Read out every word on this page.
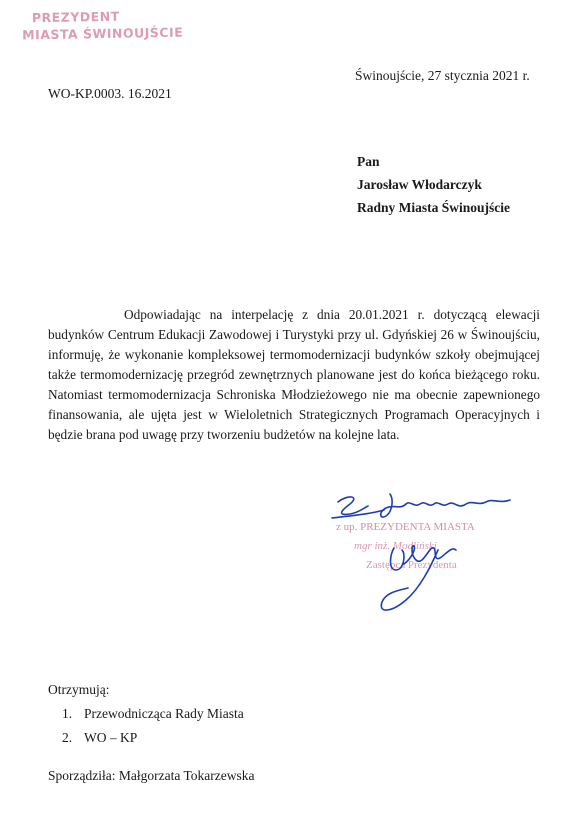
PREZYDENT
MIASTA ŚWINOUJŚCIE
WO-KP.0003. 16.2021
Świnoujście, 27 stycznia 2021 r.
Pan
Jarosław Włodarczyk
Radny Miasta Świnoujście

Odpowiadając na interpelację z dnia 20.01.2021 r. dotyczącą elewacji budynków Centrum Edukacji Zawodowej i Turystyki przy ul. Gdyńskiej 26 w Świnoujściu, informuję, że wykonanie kompleksowej termomodernizacji budynków szkoły obejmującej także termomodernizację przegród zewnętrznych planowane jest do końca bieżącego roku. Natomiast termomodernizacja Schroniska Młodzieżowego nie ma obecnie zapewnionego finansowania, ale ujęta jest w Wieloletnich Strategicznych Programach Operacyjnych i będzie brana pod uwagę przy tworzeniu budżetów na kolejne lata.

z up. PREZYDENTA MIASTA
mgr inż. Modliński
Zastępca Prezydenta
Otrzymują:
1. Przewodnicząca Rady Miasta
2. WO – KP
Sporządziła: Małgorzata Tokarzewska
